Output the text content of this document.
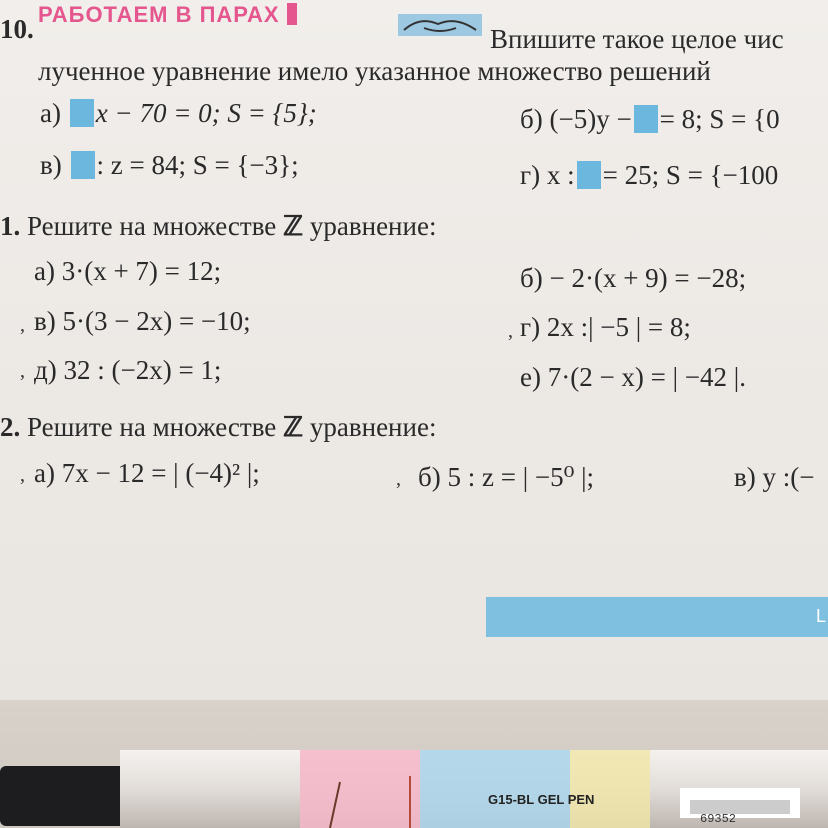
10. РАБОТАЕМ В ПАРАХ
Впишите такое целое чис
лученное уравнение имело указанное множество решений
а) x − 70 = 0; S = {5};	б) (−5)y − = 8; S = {0
в) : z = 84; S = {−3};	г) x : = 25; S = {−100
1. Решите на множестве ℤ уравнение:
а) 3·(x + 7) = 12;	б) − 2·(x + 9) = −28;
в) 5·(3 − 2x) = −10;	г) 2x :| −5 | = 8;
д) 32 : (−2x) = 1;	е) 7·(2 − x) = | −42 |.
,
,
,
2. Решите на множестве ℤ уравнение:
а) 7x − 12 = | (−4)² |;	б) 5 : z = | −5⁰ |;	в) y :(−
,	,
L
G15-BL GEL PEN
69352
